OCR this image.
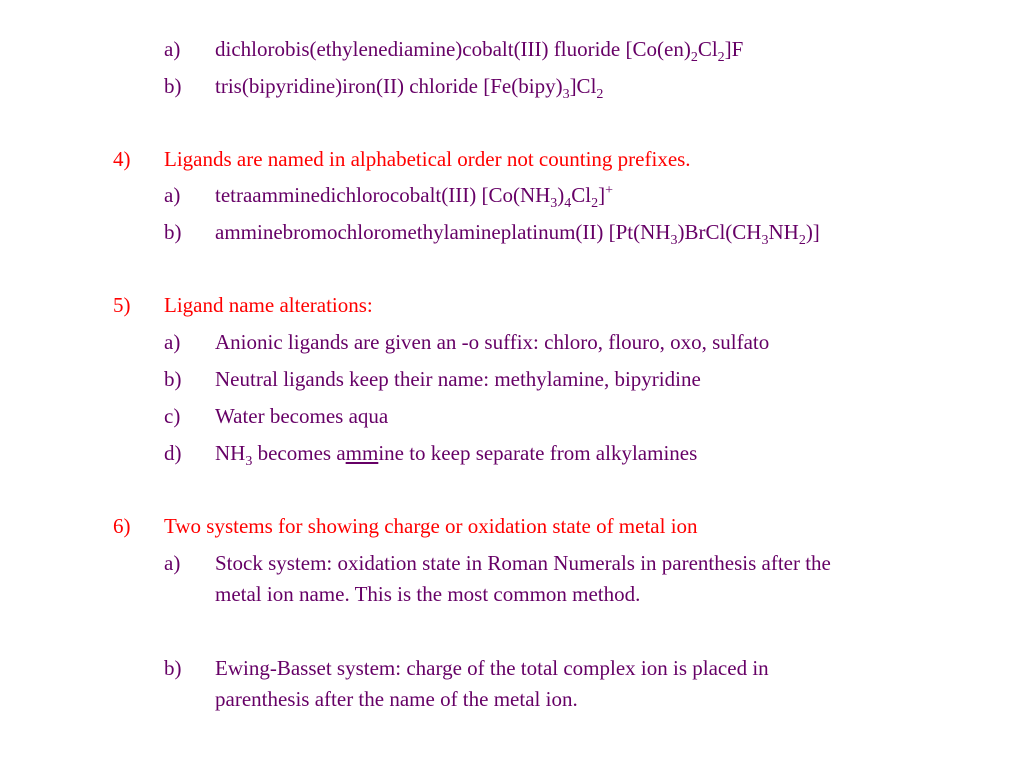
a) dichlorobis(ethylenediamine)cobalt(III) fluoride $[Co(en)_2Cl_2]F$
b) tris(bipyridine)iron(II) chloride $[Fe(bipy)_3]Cl_2$
4) Ligands are named in alphabetical order not counting prefixes.
a) tetraamminedichlorocobalt(III) $[Co(NH_3)_4Cl_2]^+$
b) amminebromochloromethylamineplatinum(II) $[Pt(NH_3)BrCl(CH_3NH_2)]$
5) Ligand name alterations:
a) Anionic ligands are given an -o suffix: chloro, flouro, oxo, sulfato
b) Neutral ligands keep their name: methylamine, bipyridine
c) Water becomes aqua
d) $NH_3$ becomes ammine to keep separate from alkylamines
6) Two systems for showing charge or oxidation state of metal ion
a) Stock system: oxidation state in Roman Numerals in parenthesis after the
metal ion name. This is the most common method.
b) Ewing-Basset system: charge of the total complex ion is placed in
parenthesis after the name of the metal ion.
